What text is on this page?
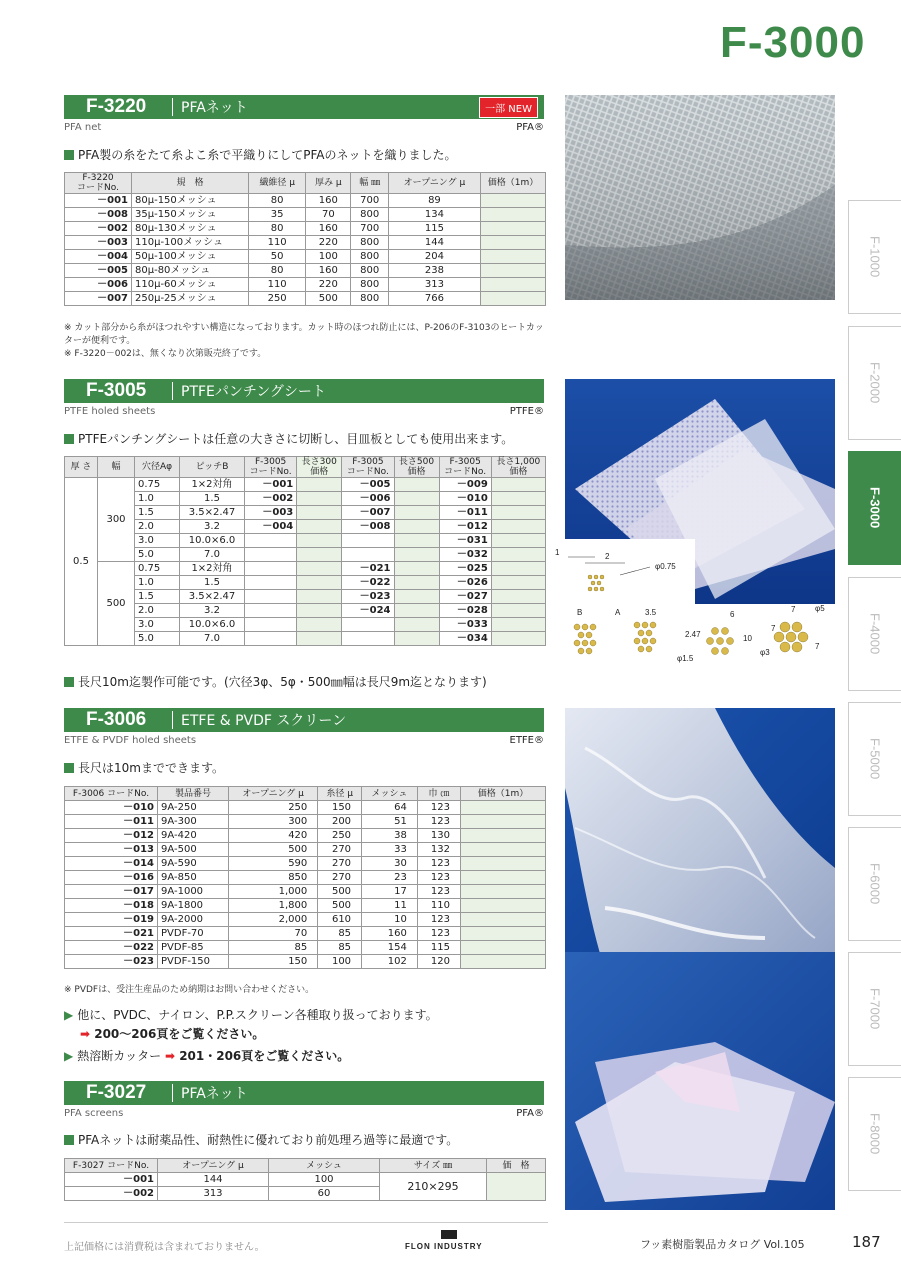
F-3000
F-1000
F-2000
F-3000
F-4000
F-5000
F-6000
F-7000
F-8000
F-3220	PFAネット	一部 NEW
PFA net	PFA®
PFA製の糸をたて糸よこ糸で平織りにしてPFAのネットを織りました。
F-3220
コードNo.	規　格	繊維径 μ	厚み μ	幅 ㎜	オープニング μ	価格（1m）
－001	80μ-150メッシュ	80	160	700	89	
－008	35μ-150メッシュ	35	70	800	134	
－002	80μ-130メッシュ	80	160	700	115	
－003	110μ-100メッシュ	110	220	800	144	
－004	50μ-100メッシュ	50	100	800	204	
－005	80μ-80メッシュ	80	160	800	238	
－006	110μ-60メッシュ	110	220	800	313	
－007	250μ-25メッシュ	250	500	800	766	
※ カット部分から糸がほつれやすい構造になっております。カット時のほつれ防止には、P-206のF-3103のヒートカッターが便利です。
※ F-3220－002は、無くなり次第販売終了です。
F-3005	PTFEパンチングシート
PTFE holed sheets	PTFE®
PTFEパンチングシートは任意の大きさに切断し、目皿板としても使用出来ます。
厚 さ	幅	穴径Aφ	ピッチB	F-3005
コードNo.	長さ300
価格	F-3005
コードNo.	長さ500
価格	F-3005
コードNo.	長さ1,000
価格
0.5	300	0.75	1×2対角	－001		－005		－009	
		1.0	1.5	－002		－006		－010	
		1.5	3.5×2.47	－003		－007		－011	
		2.0	3.2	－004		－008		－012	
		3.0	10.0×6.0					－031	
		5.0	7.0					－032	
	500	0.75	1×2対角			－021		－025	
		1.0	1.5			－022		－026	
		1.5	3.5×2.47			－023		－027	
		2.0	3.2			－024		－028	
		3.0	10.0×6.0					－033	
		5.0	7.0					－034	
1	2
φ0.75
B	A	3.5
2.47
φ1.5
6
10
φ3
7
7
7
φ5
長尺10m迄製作可能です。(穴径3φ、5φ・500㎜幅は長尺9m迄となります)
F-3006	ETFE & PVDF スクリーン
ETFE & PVDF holed sheets	ETFE®
長尺は10mまでできます。
F-3006 コードNo.	製品番号	オープニング μ	糸径 μ	メッシュ	巾 ㎝	価格（1m）
－010	9A-250	250	150	64	123	
－011	9A-300	300	200	51	123	
－012	9A-420	420	250	38	130	
－013	9A-500	500	270	33	132	
－014	9A-590	590	270	30	123	
－016	9A-850	850	270	23	123	
－017	9A-1000	1,000	500	17	123	
－018	9A-1800	1,800	500	11	110	
－019	9A-2000	2,000	610	10	123	
－021	PVDF-70	70	85	160	123	
－022	PVDF-85	85	85	154	115	
－023	PVDF-150	150	100	102	120	
※ PVDFは、受注生産品のため納期はお問い合わせください。
▶ 他に、PVDC、ナイロン、P.P.スクリーン各種取り扱っております。
➡ 200～206頁をご覧ください。
▶ 熱溶断カッター ➡ 201・206頁をご覧ください。
F-3027	PFAネット
PFA screens	PFA®
PFAネットは耐薬品性、耐熱性に優れており前処理ろ過等に最適です。
F-3027 コードNo.	オープニング μ	メッシュ	サイズ ㎜	価　格
－001	144	100	210×295	
－002	313	60		
上記価格には消費税は含まれておりません。	FLON INDUSTRY	フッ素樹脂製品カタログ Vol.105	187
